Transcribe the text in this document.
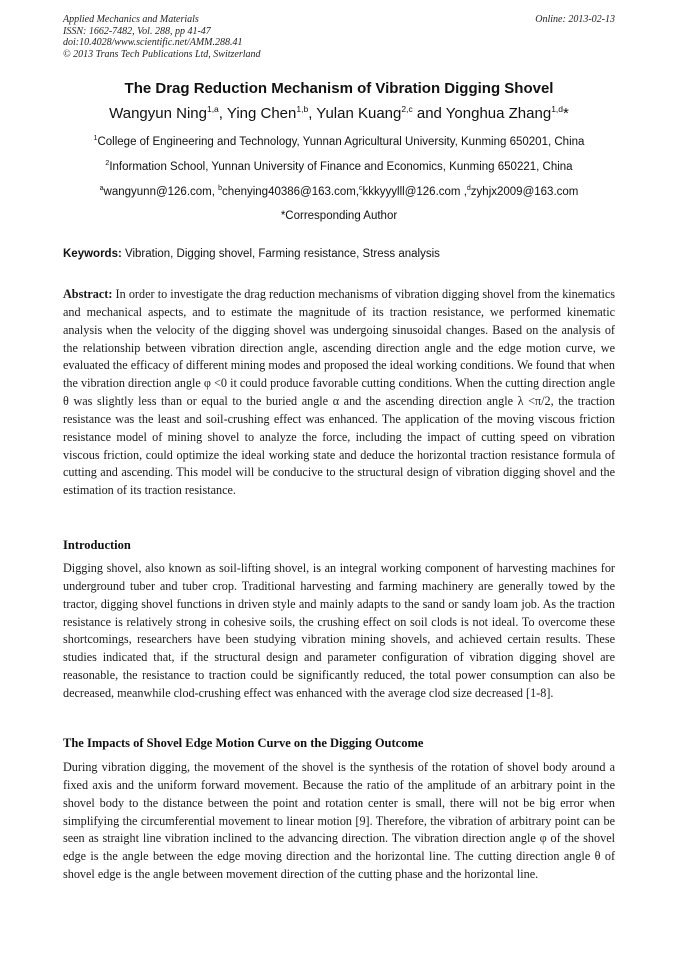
Applied Mechanics and Materials
ISSN: 1662-7482, Vol. 288, pp 41-47
doi:10.4028/www.scientific.net/AMM.288.41
© 2013 Trans Tech Publications Ltd, Switzerland
Online: 2013-02-13
The Drag Reduction Mechanism of Vibration Digging Shovel
Wangyun Ning$^{1,a}$, Ying Chen$^{1,b}$, Yulan Kuang$^{2,c}$ and Yonghua Zhang$^{1,d}$*
$^1$College of Engineering and Technology, Yunnan Agricultural University, Kunming 650201, China
$^2$Information School, Yunnan University of Finance and Economics, Kunming 650221, China
$^a$wangyunn@126.com, $^b$chenying40386@163.com,$^c$kkkyyylll@126.com ,$^d$zyhjx2009@163.com
*Corresponding Author
Keywords: Vibration, Digging shovel, Farming resistance, Stress analysis
Abstract: In order to investigate the drag reduction mechanisms of vibration digging shovel from the kinematics and mechanical aspects, and to estimate the magnitude of its traction resistance, we performed kinematic analysis when the velocity of the digging shovel was undergoing sinusoidal changes. Based on the analysis of the relationship between vibration direction angle, ascending direction angle and the edge motion curve, we evaluated the efficacy of different mining modes and proposed the ideal working conditions. We found that when the vibration direction angle φ <0 it could produce favorable cutting conditions. When the cutting direction angle θ was slightly less than or equal to the buried angle α and the ascending direction angle λ <π/2, the traction resistance was the least and soil-crushing effect was enhanced. The application of the moving viscous friction resistance model of mining shovel to analyze the force, including the impact of cutting speed on vibration viscous friction, could optimize the ideal working state and deduce the horizontal traction resistance formula of cutting and ascending. This model will be conducive to the structural design of vibration digging shovel and the estimation of its traction resistance.
Introduction
Digging shovel, also known as soil-lifting shovel, is an integral working component of harvesting machines for underground tuber and tuber crop. Traditional harvesting and farming machinery are generally towed by the tractor, digging shovel functions in driven style and mainly adapts to the sand or sandy loam job. As the traction resistance is relatively strong in cohesive soils, the crushing effect on soil clods is not ideal. To overcome these shortcomings, researchers have been studying vibration mining shovels, and achieved certain results. These studies indicated that, if the structural design and parameter configuration of vibration digging shovel are reasonable, the resistance to traction could be significantly reduced, the total power consumption can also be decreased, meanwhile clod-crushing effect was enhanced with the average clod size decreased [1-8].
The Impacts of Shovel Edge Motion Curve on the Digging Outcome
During vibration digging, the movement of the shovel is the synthesis of the rotation of shovel body around a fixed axis and the uniform forward movement. Because the ratio of the amplitude of an arbitrary point in the shovel body to the distance between the point and rotation center is small, there will not be big error when simplifying the circumferential movement to linear motion [9]. Therefore, the vibration of arbitrary point can be seen as straight line vibration inclined to the advancing direction. The vibration direction angle φ of the shovel edge is the angle between the edge moving direction and the horizontal line. The cutting direction angle θ of shovel edge is the angle between movement direction of the cutting phase and the horizontal line.
